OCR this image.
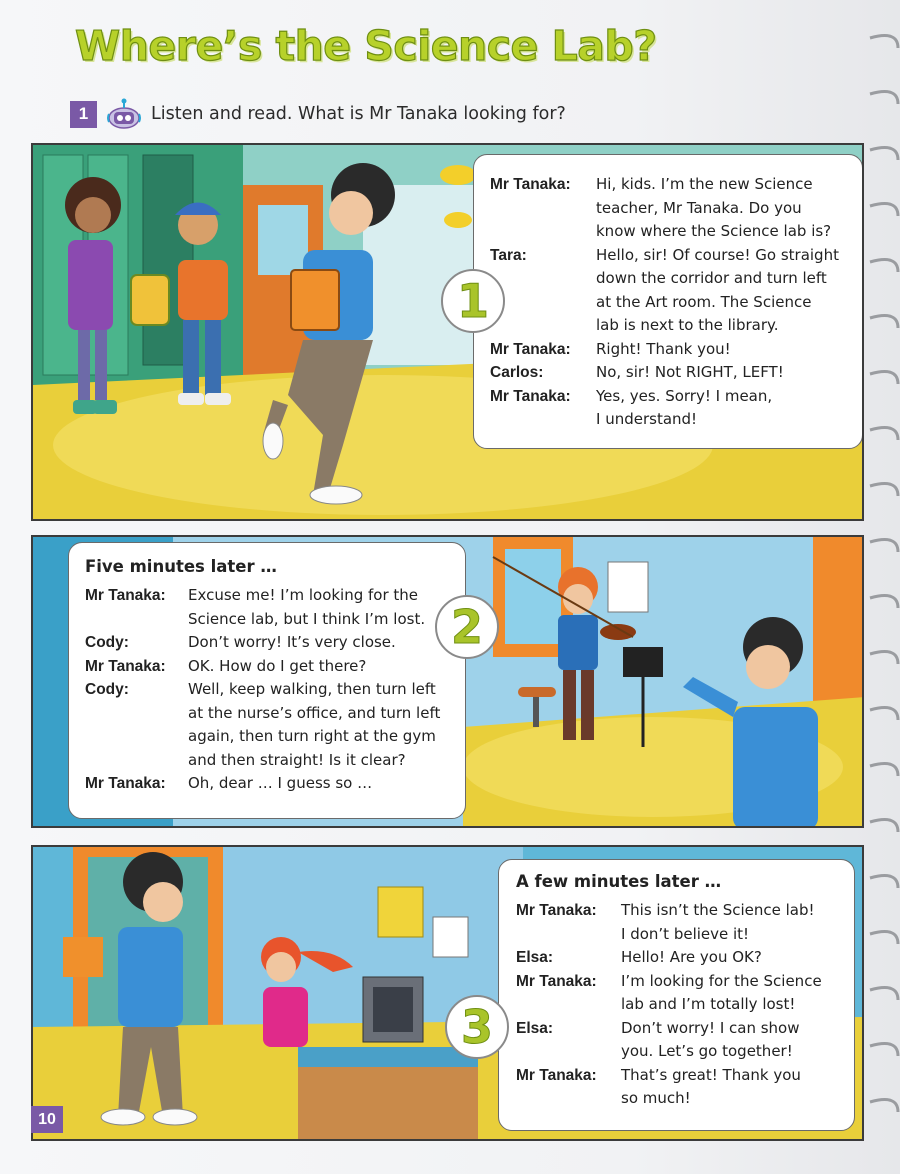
Where’s the Science Lab?
1	Listen and read. What is Mr Tanaka looking for?
Mr Tanaka:	Hi, kids. I’m the new Science
teacher, Mr Tanaka. Do you
know where the Science lab is?
Tara:	Hello, sir! Of course! Go straight
down the corridor and turn left
at the Art room. The Science
lab is next to the library.
Mr Tanaka:	Right! Thank you!
Carlos:	No, sir! Not RIGHT, LEFT!
Mr Tanaka:	Yes, yes. Sorry! I mean,
I understand!
1
Five minutes later …
Mr Tanaka:	Excuse me! I’m looking for the
Science lab, but I think I’m lost.
Cody:	Don’t worry! It’s very close.
Mr Tanaka:	OK. How do I get there?
Cody:	Well, keep walking, then turn left
at the nurse’s office, and turn left
again, then turn right at the gym
and then straight! Is it clear?
Mr Tanaka:	Oh, dear … I guess so …
2
A few minutes later …
Mr Tanaka:	This isn’t the Science lab!
I don’t believe it!
Elsa:	Hello! Are you OK?
Mr Tanaka:	I’m looking for the Science
lab and I’m totally lost!
Elsa:	Don’t worry! I can show
you. Let’s go together!
Mr Tanaka:	That’s great! Thank you
so much!
3
10
